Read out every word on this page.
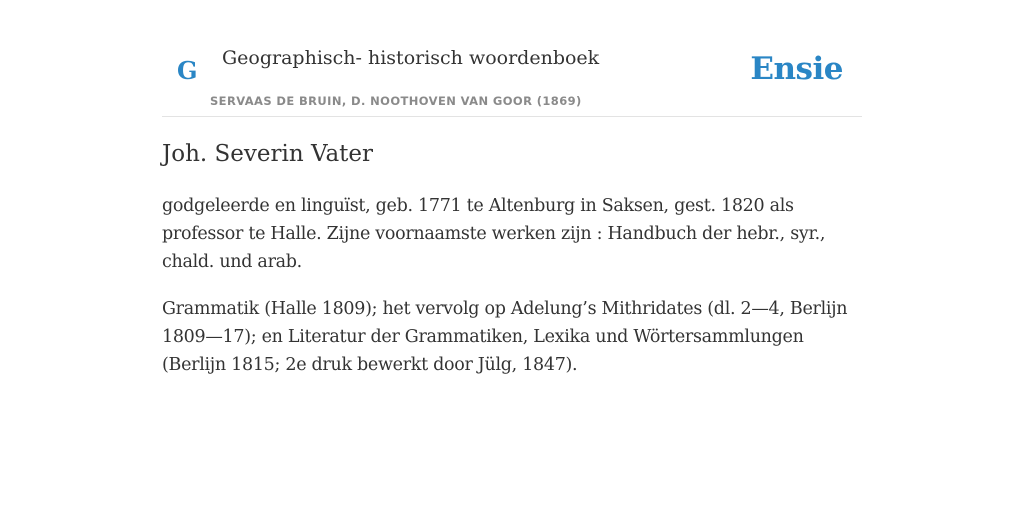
G Geographisch- historisch woordenboek
SERVAAS DE BRUIN, D. NOOTHOVEN VAN GOOR (1869)
Ensie
Joh. Severin Vater

godgeleerde en linguïst, geb. 1771 te Altenburg in Saksen, gest. 1820 als professor te Halle. Zijne voornaamste werken zijn : Handbuch der hebr., syr., chald. und arab.

Grammatik (Halle 1809); het vervolg op Adelung’s Mithridates (dl. 2—4, Berlijn 1809—17); en Literatur der Grammatiken, Lexika und Wörtersammlungen (Berlijn 1815; 2e druk bewerkt door Jülg, 1847).
